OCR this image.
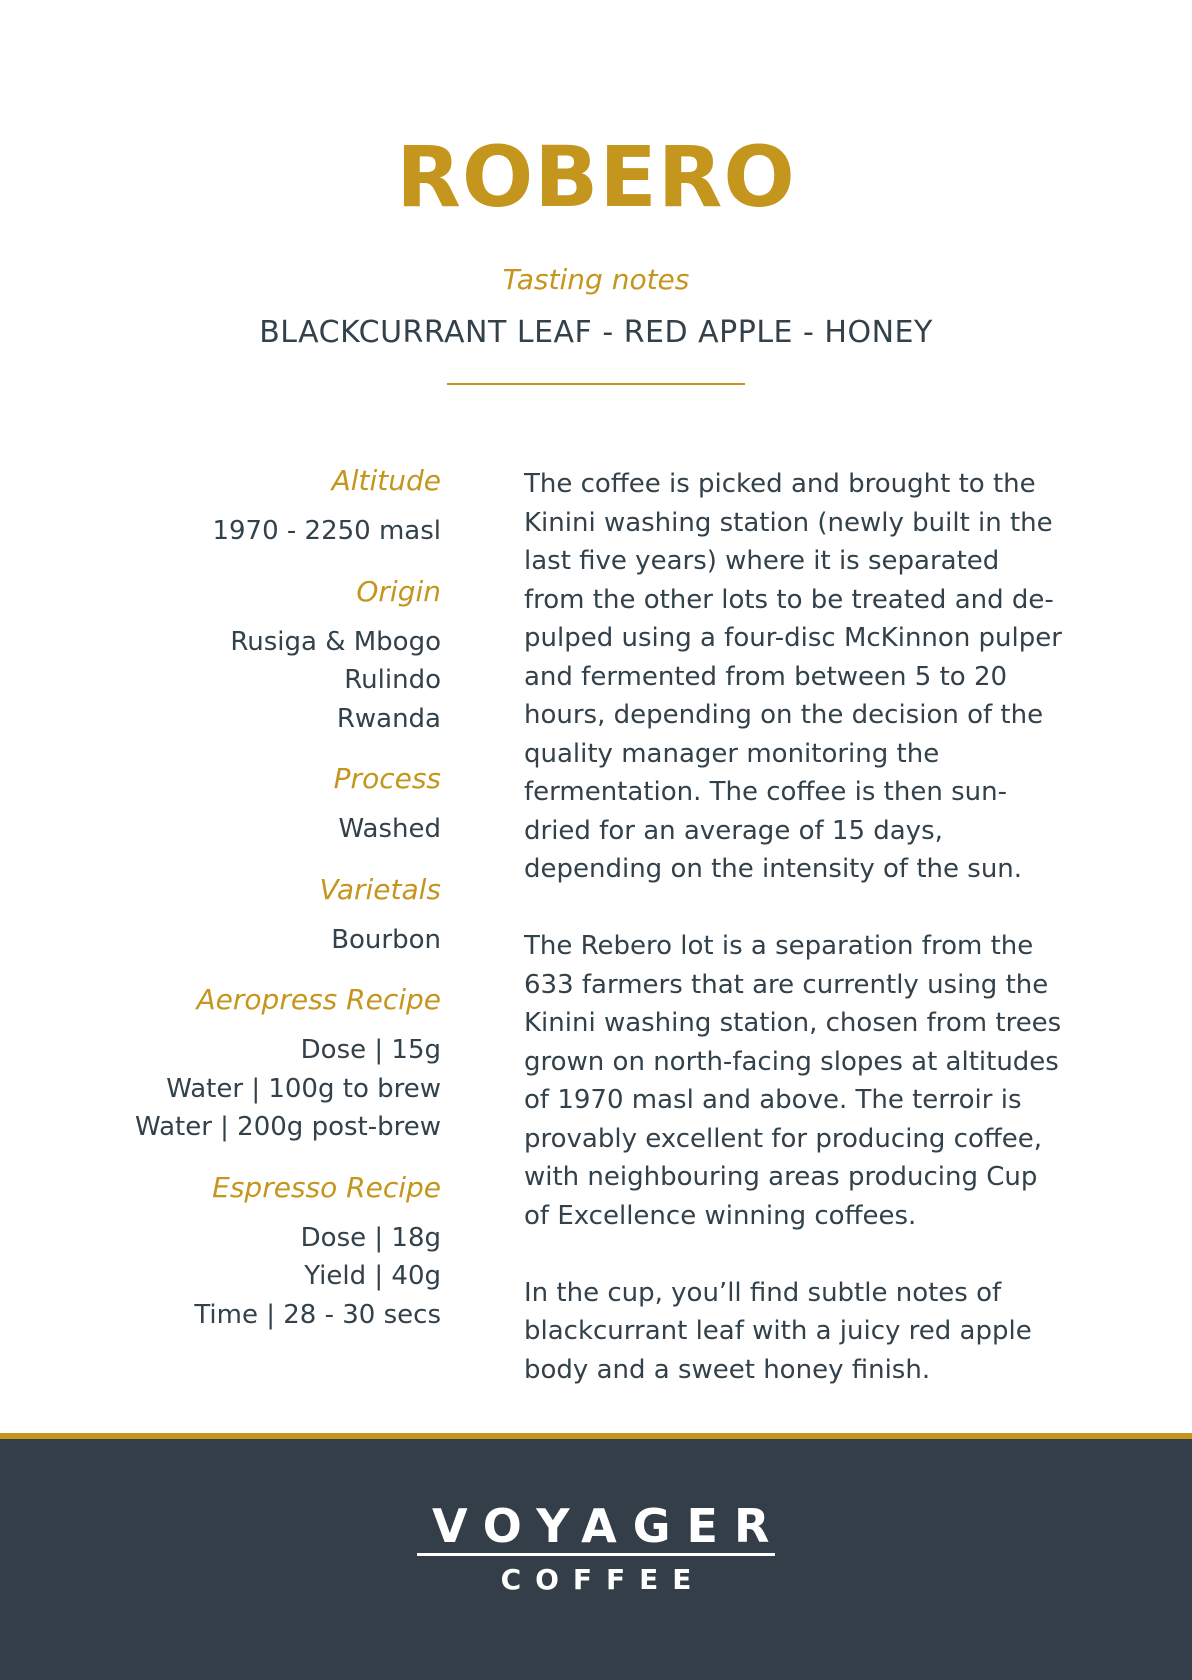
ROBERO
Tasting notes
BLACKCURRANT LEAF - RED APPLE - HONEY
Altitude
1970 - 2250 masl
Origin
Rusiga & Mbogo
Rulindo
Rwanda
Process
Washed
Varietals
Bourbon
Aeropress Recipe
Dose | 15g
Water | 100g to brew
Water | 200g post-brew
Espresso Recipe
Dose | 18g
Yield | 40g
Time | 28 - 30 secs

The coffee is picked and brought to the Kinini washing station (newly built in the last five years) where it is separated from the other lots to be treated and de-pulped using a four-disc McKinnon pulper and fermented from between 5 to 20 hours, depending on the decision of the quality manager monitoring the fermentation. The coffee is then sun-dried for an average of 15 days, depending on the intensity of the sun.

The Rebero lot is a separation from the 633 farmers that are currently using the Kinini washing station, chosen from trees grown on north-facing slopes at altitudes of 1970 masl and above. The terroir is provably excellent for producing coffee, with neighbouring areas producing Cup of Excellence winning coffees.

In the cup, you’ll find subtle notes of blackcurrant leaf with a juicy red apple body and a sweet honey finish.

VOYAGER
COFFEE
